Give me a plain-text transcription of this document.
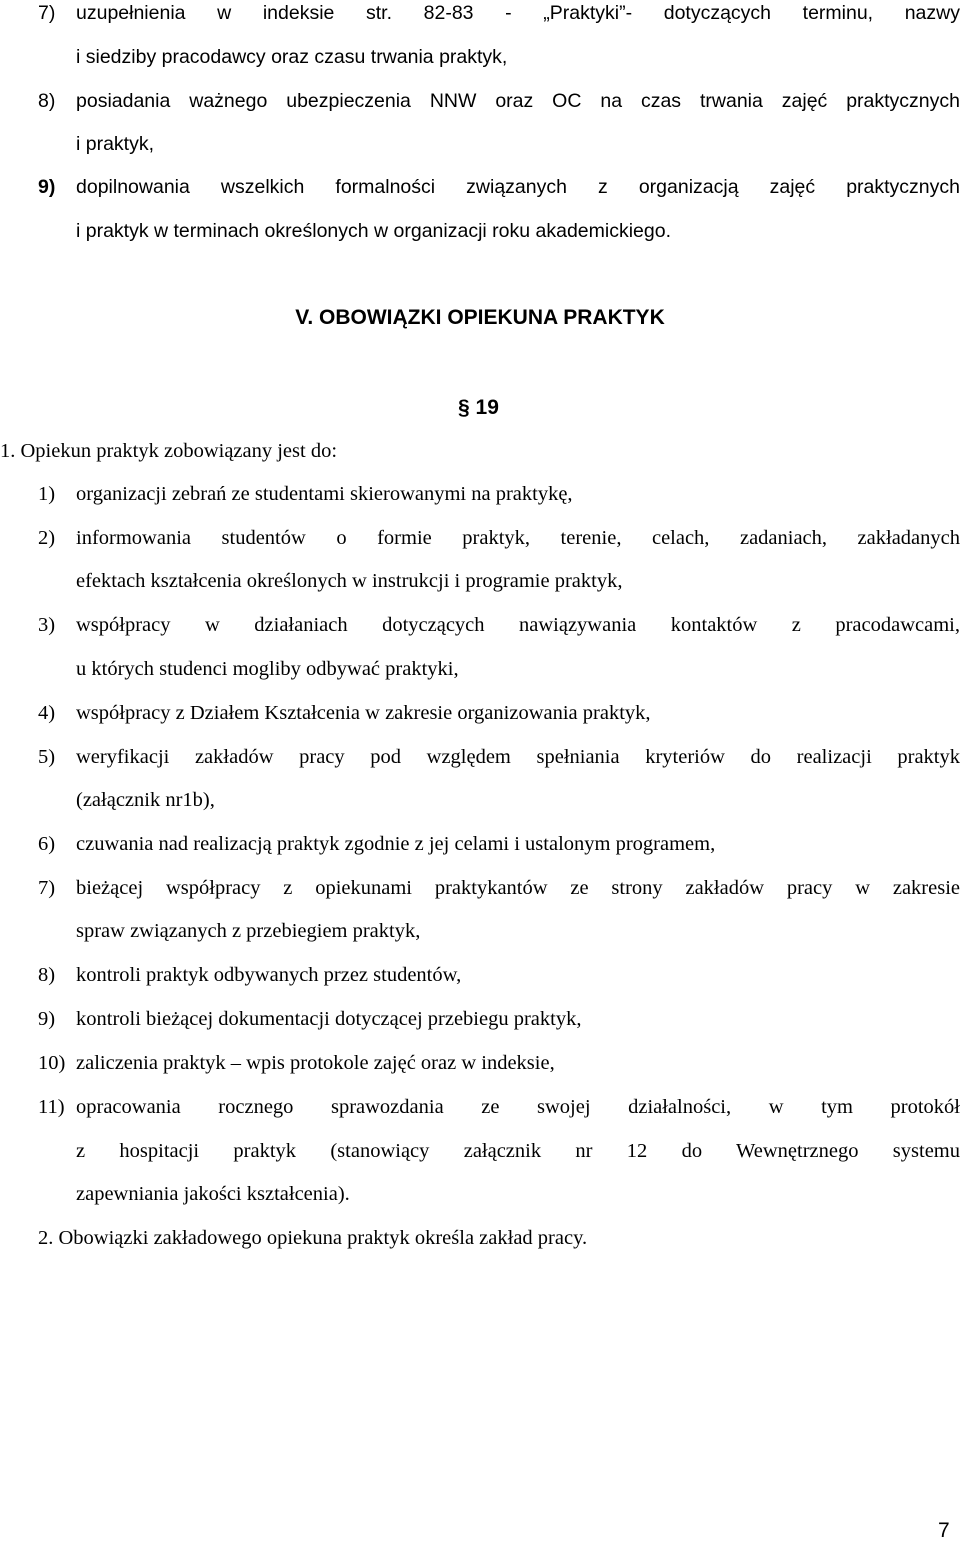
7) uzupełnienia w indeksie str. 82-83 - „Praktyki”- dotyczących terminu, nazwy
i siedziby pracodawcy oraz czasu trwania praktyk,
8) posiadania ważnego ubezpieczenia NNW oraz OC na czas trwania zajęć praktycznych
i praktyk,
9) dopilnowania wszelkich formalności związanych z organizacją zajęć praktycznych
i praktyk w terminach określonych w organizacji roku akademickiego.
V. OBOWIĄZKI OPIEKUNA PRAKTYK
§ 19
1. Opiekun praktyk zobowiązany jest do:
1) organizacji zebrań ze studentami skierowanymi na praktykę,
2) informowania studentów o formie praktyk, terenie, celach, zadaniach, zakładanych
efektach kształcenia określonych w instrukcji i programie praktyk,
3) współpracy w działaniach dotyczących nawiązywania kontaktów z pracodawcami,
u których studenci mogliby odbywać praktyki,
4) współpracy z Działem Kształcenia w zakresie organizowania praktyk,
5) weryfikacji zakładów pracy pod względem spełniania kryteriów do realizacji praktyk
(załącznik nr1b),
6) czuwania nad realizacją praktyk zgodnie z jej celami i ustalonym programem,
7) bieżącej współpracy z opiekunami praktykantów ze strony zakładów pracy w zakresie
spraw związanych z przebiegiem praktyk,
8) kontroli praktyk odbywanych przez studentów,
9) kontroli bieżącej dokumentacji dotyczącej przebiegu praktyk,
10) zaliczenia praktyk – wpis protokole zajęć oraz w indeksie,
11) opracowania rocznego sprawozdania ze swojej działalności, w tym protokół
z hospitacji praktyk (stanowiący załącznik nr 12 do Wewnętrznego systemu
zapewniania jakości kształcenia).
2. Obowiązki zakładowego opiekuna praktyk określa zakład pracy.
7
